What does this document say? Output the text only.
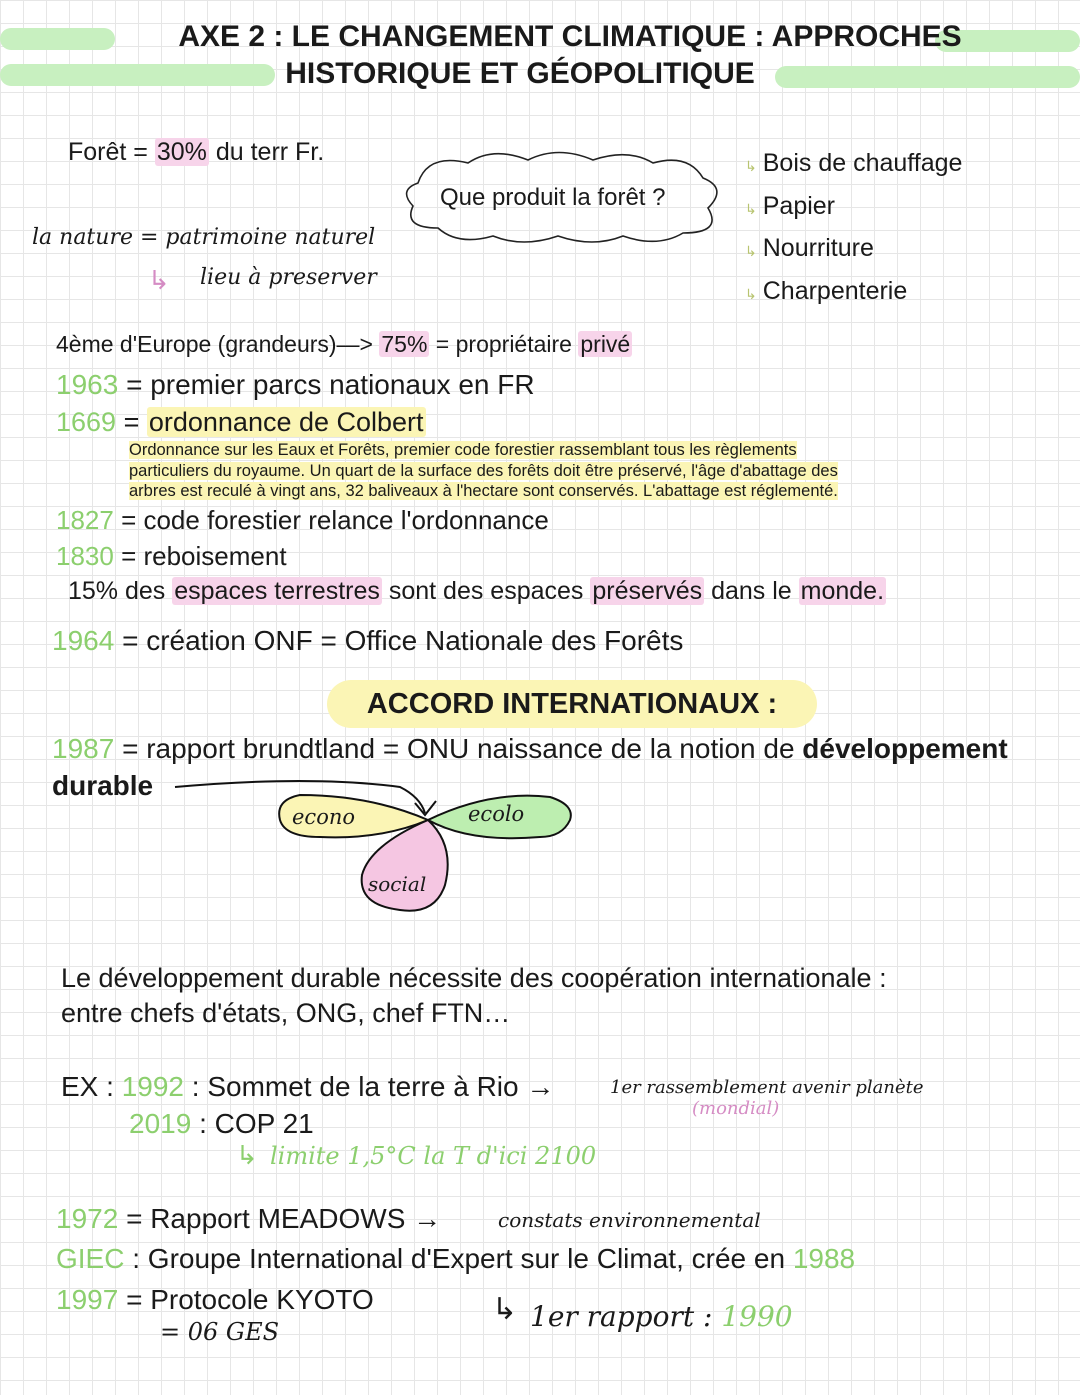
AXE 2 : LE CHANGEMENT CLIMATIQUE : APPROCHES
HISTORIQUE ET GÉOPOLITIQUE
Forêt = 30% du terr Fr.
Que produit la forêt ?
↳ Bois de chauffage
↳ Papier
↳ Nourriture
↳ Charpenterie
la nature = patrimoine naturel
↳ lieu à preserver
4ème d'Europe (grandeurs)—> 75% = propriétaire privé
1963 = premier parcs nationaux en FR
1669 = ordonnance de Colbert
Ordonnance sur les Eaux et Forêts, premier code forestier rassemblant tous les règlements
particuliers du royaume. Un quart de la surface des forêts doit être préservé, l'âge d'abattage des
arbres est reculé à vingt ans, 32 baliveaux à l'hectare sont conservés. L'abattage est réglementé.
1827 = code forestier relance l'ordonnance
1830 = reboisement
15% des espaces terrestres sont des espaces préservés dans le monde.
1964 = création ONF = Office Nationale des Forêts
ACCORD INTERNATIONAUX :
1987 = rapport brundtland = ONU naissance de la notion de développement
durable
econo	ecolo
social
Le développement durable nécessite des coopération internationale :
entre chefs d'états, ONG, chef FTN…
EX : 1992 : Sommet de la terre à Rio →	1er rassemblement avenir planète
(mondial)
2019 : COP 21
↳ limite 1,5°C la T d'ici 2100
1972 = Rapport MEADOWS →	constats environnemental
GIEC : Groupe International d'Expert sur le Climat, crée en 1988
1997 = Protocole KYOTO
= 06 GES
↳ 1er rapport : 1990
